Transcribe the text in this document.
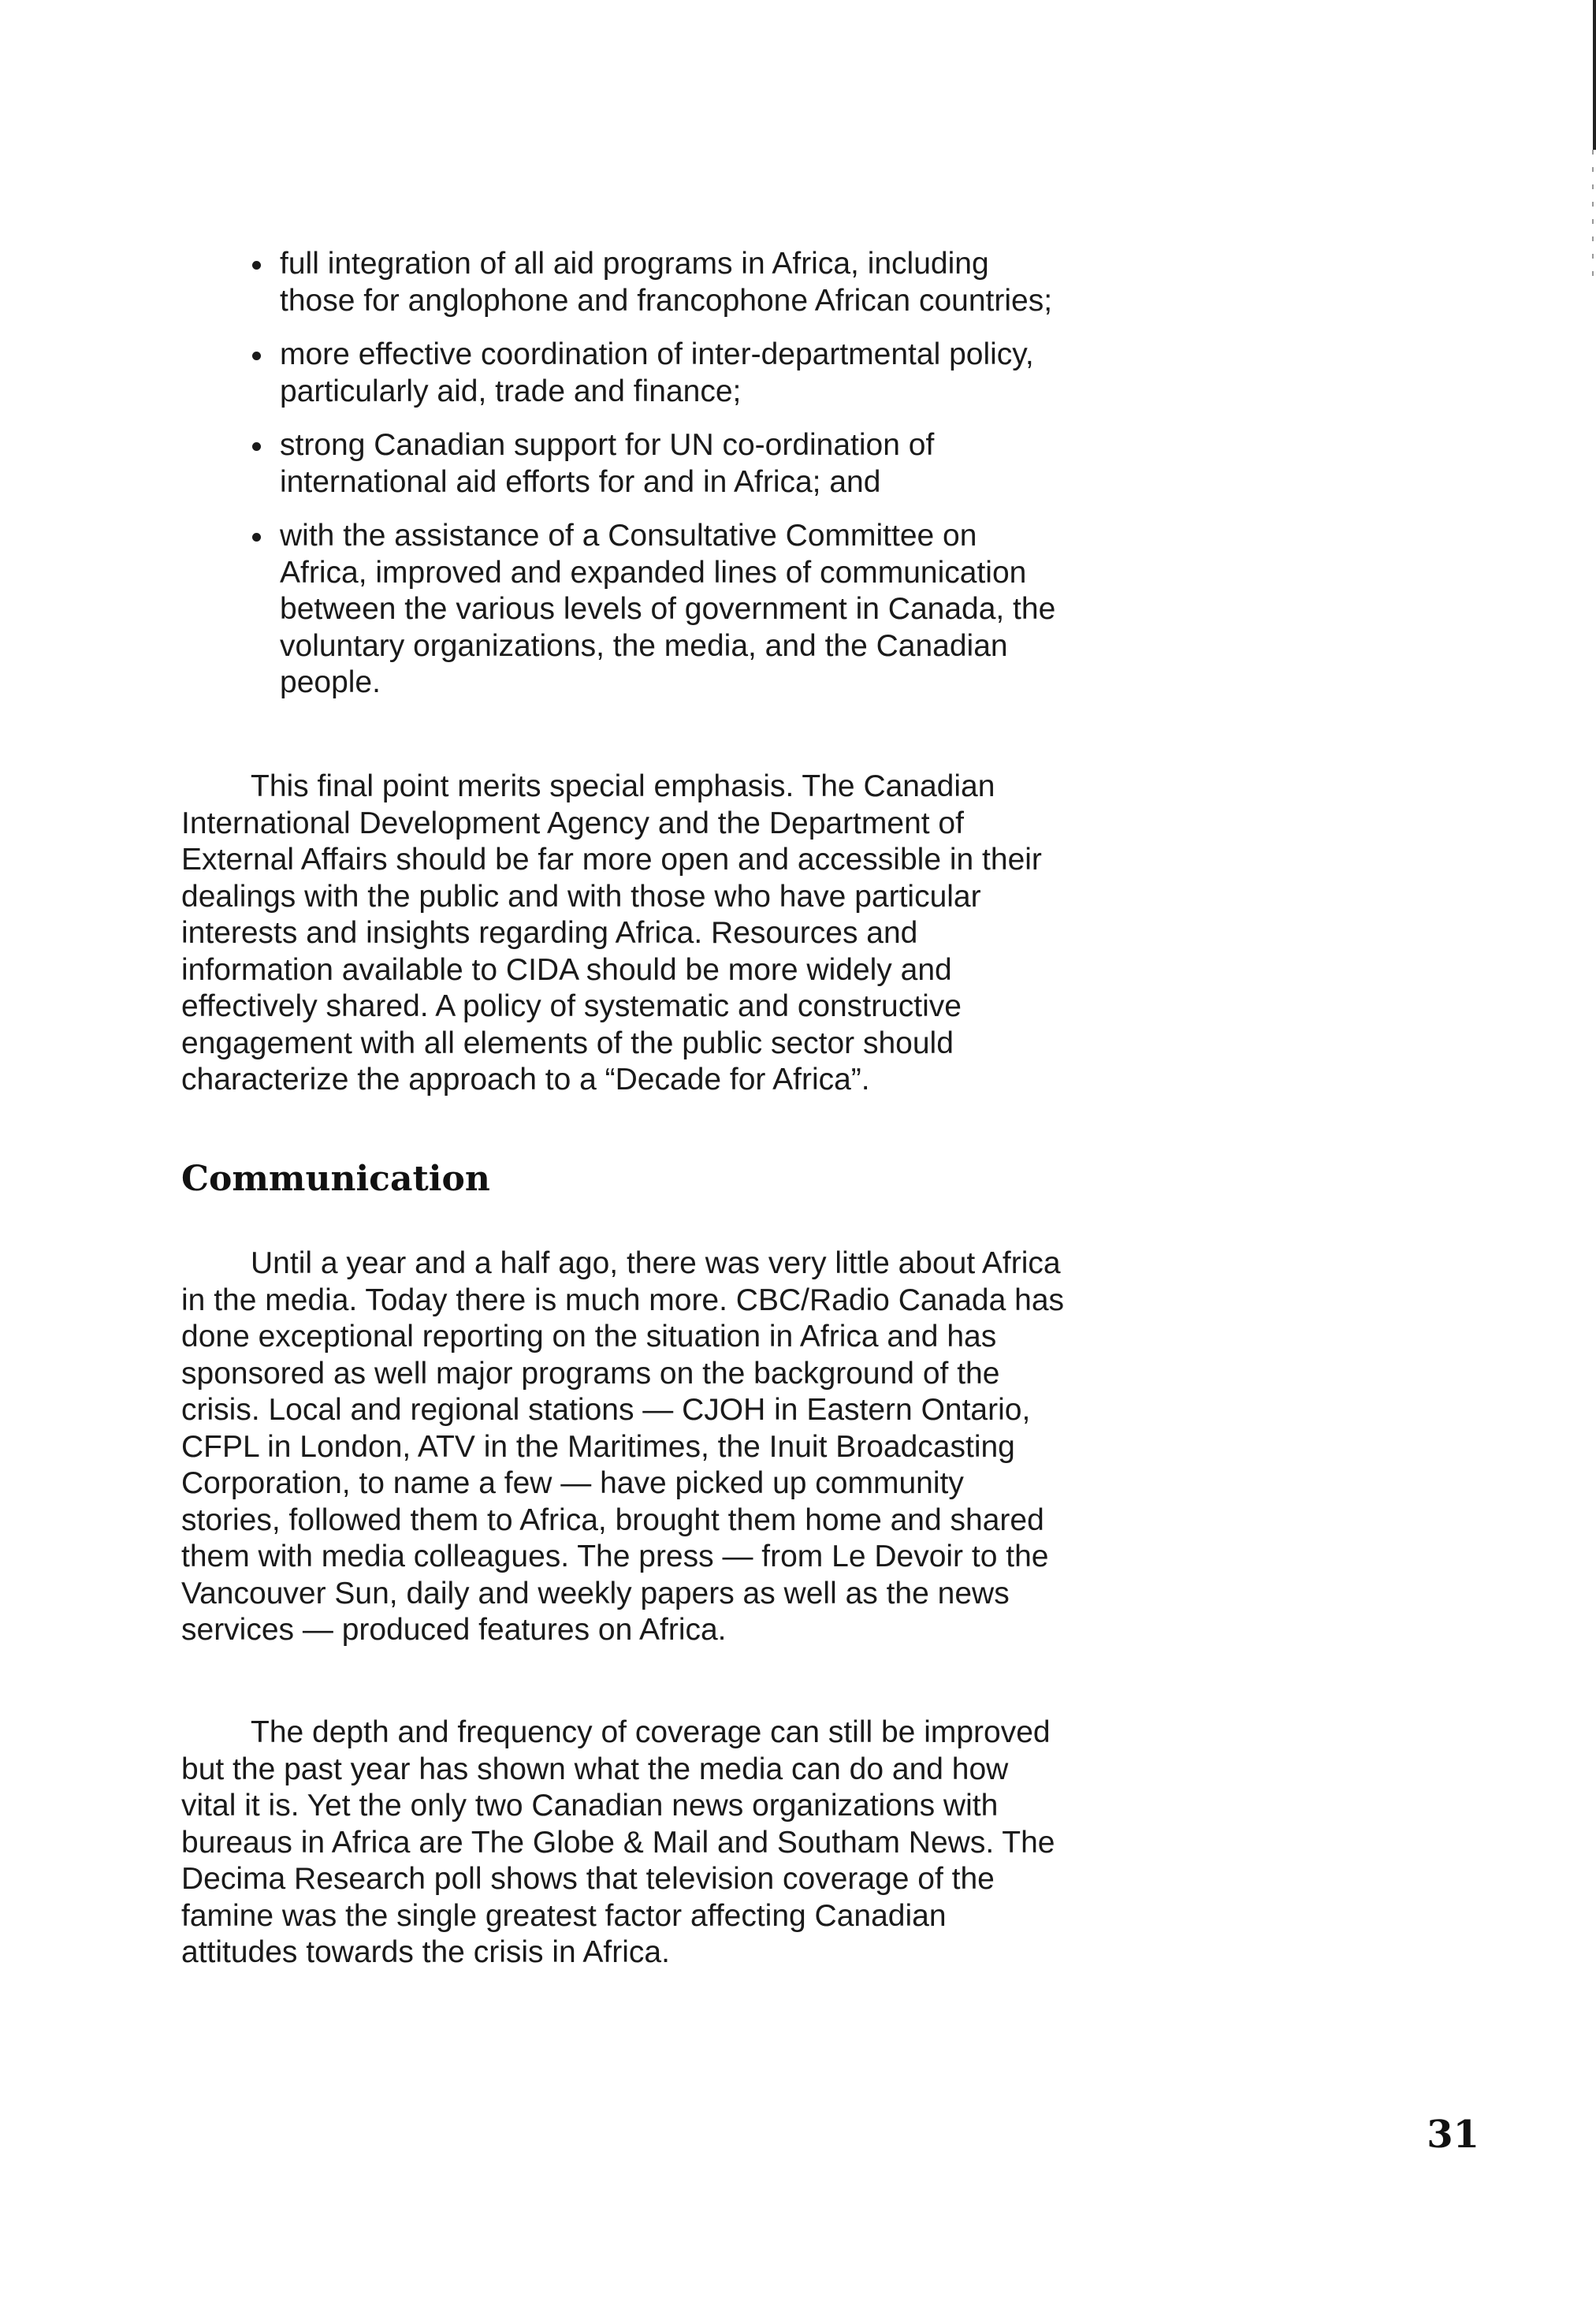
full integration of all aid programs in Africa, including those for anglophone and francophone African countries;
more effective coordination of inter-departmental policy, particularly aid, trade and finance;
strong Canadian support for UN co-ordination of international aid efforts for and in Africa; and
with the assistance of a Consultative Committee on Africa, improved and expanded lines of communication between the various levels of government in Canada, the voluntary organizations, the media, and the Canadian people.

This final point merits special emphasis. The Canadian International Development Agency and the Department of External Affairs should be far more open and accessible in their dealings with the public and with those who have particular interests and insights regarding Africa. Resources and information available to CIDA should be more widely and effectively shared. A policy of systematic and constructive engagement with all elements of the public sector should characterize the approach to a “Decade for Africa”.

Communication

Until a year and a half ago, there was very little about Africa in the media. Today there is much more. CBC/Radio Canada has done exceptional reporting on the situation in Africa and has sponsored as well major programs on the background of the crisis. Local and regional stations — CJOH in Eastern Ontario, CFPL in London, ATV in the Maritimes, the Inuit Broadcasting Corporation, to name a few — have picked up community stories, followed them to Africa, brought them home and shared them with media colleagues. The press — from Le Devoir to the Vancouver Sun, daily and weekly papers as well as the news services — produced features on Africa.

The depth and frequency of coverage can still be improved but the past year has shown what the media can do and how vital it is. Yet the only two Canadian news organizations with bureaus in Africa are The Globe & Mail and Southam News. The Decima Research poll shows that television coverage of the famine was the single greatest factor affecting Canadian attitudes towards the crisis in Africa.

31
